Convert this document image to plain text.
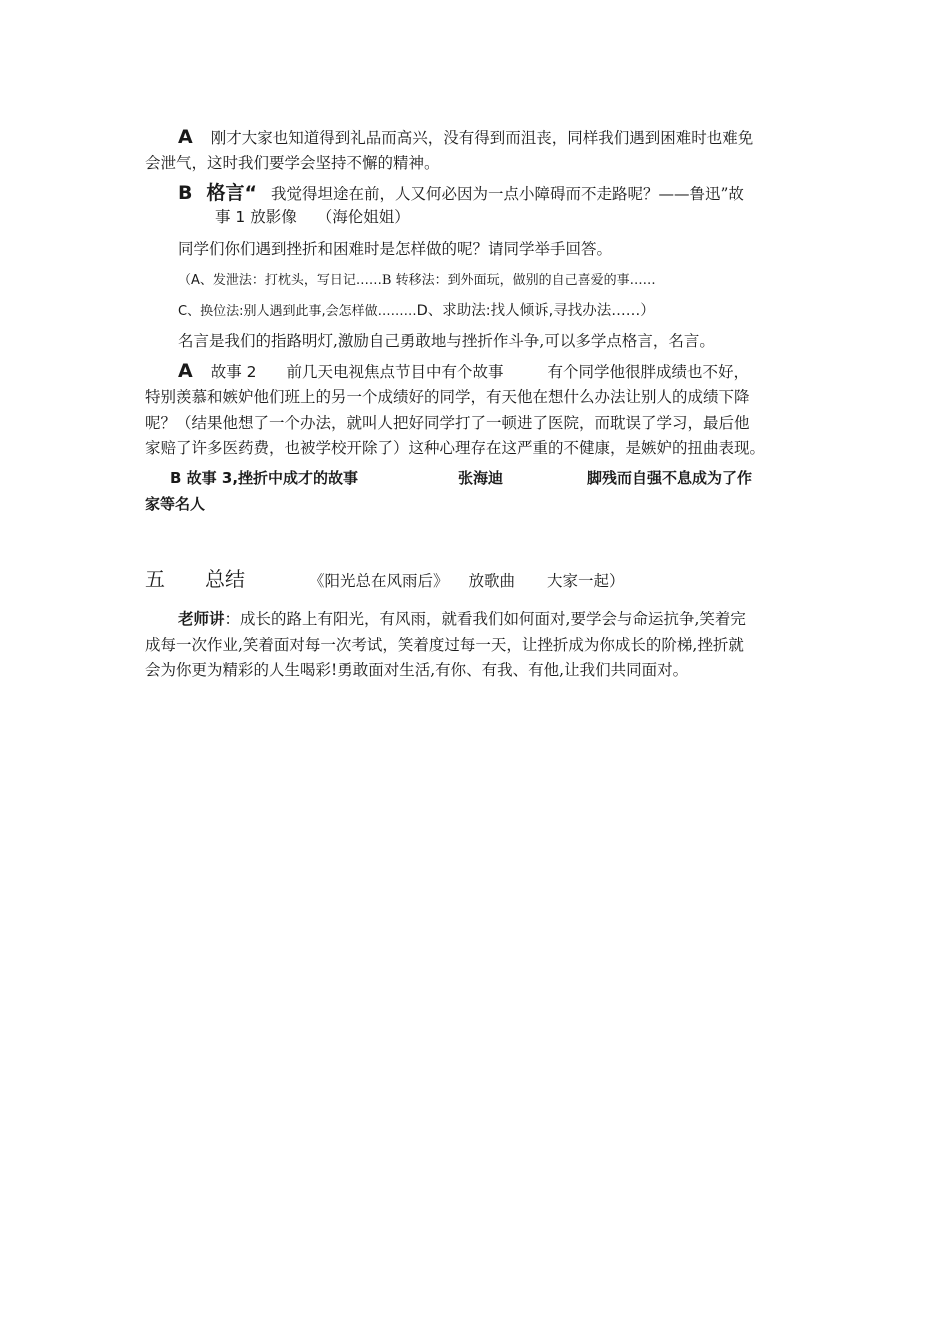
A 刚才大家也知道得到礼品而高兴，没有得到而沮丧，同样我们遇到困难时也难免
会泄气，这时我们要学会坚持不懈的精神。
B 格言“ 我觉得坦途在前，人又何必因为一点小障碍而不走路呢？——鲁迅”故
事 1 放影像 （海伦姐姐）
同学们你们遇到挫折和困难时是怎样做的呢？请同学举手回答。
（A、发泄法：打枕头，写日记……B 转移法：到外面玩，做别的自己喜爱的事……
C、换位法:别人遇到此事,会怎样做………D、求助法:找人倾诉,寻找办法……）
名言是我们的指路明灯,激励自己勇敢地与挫折作斗争,可以多学点格言，名言。
A 故事 2 前几天电视焦点节目中有个故事	有个同学他很胖成绩也不好，
特别羡慕和嫉妒他们班上的另一个成绩好的同学，有天他在想什么办法让别人的成绩下降
呢？（结果他想了一个办法，就叫人把好同学打了一顿进了医院，而耽误了学习，最后他
家赔了许多医药费，也被学校开除了）这种心理存在这严重的不健康，是嫉妒的扭曲表现。
B 故事 3,挫折中成才的故事	张海迪	脚残而自强不息成为了作
家等名人
五 总结	《阳光总在风雨后》 放歌曲 大家一起）
老师讲：成长的路上有阳光，有风雨，就看我们如何面对,要学会与命运抗争,笑着完
成每一次作业,笑着面对每一次考试，笑着度过每一天，让挫折成为你成长的阶梯,挫折就
会为你更为精彩的人生喝彩!勇敢面对生活,有你、有我、有他,让我们共同面对。
